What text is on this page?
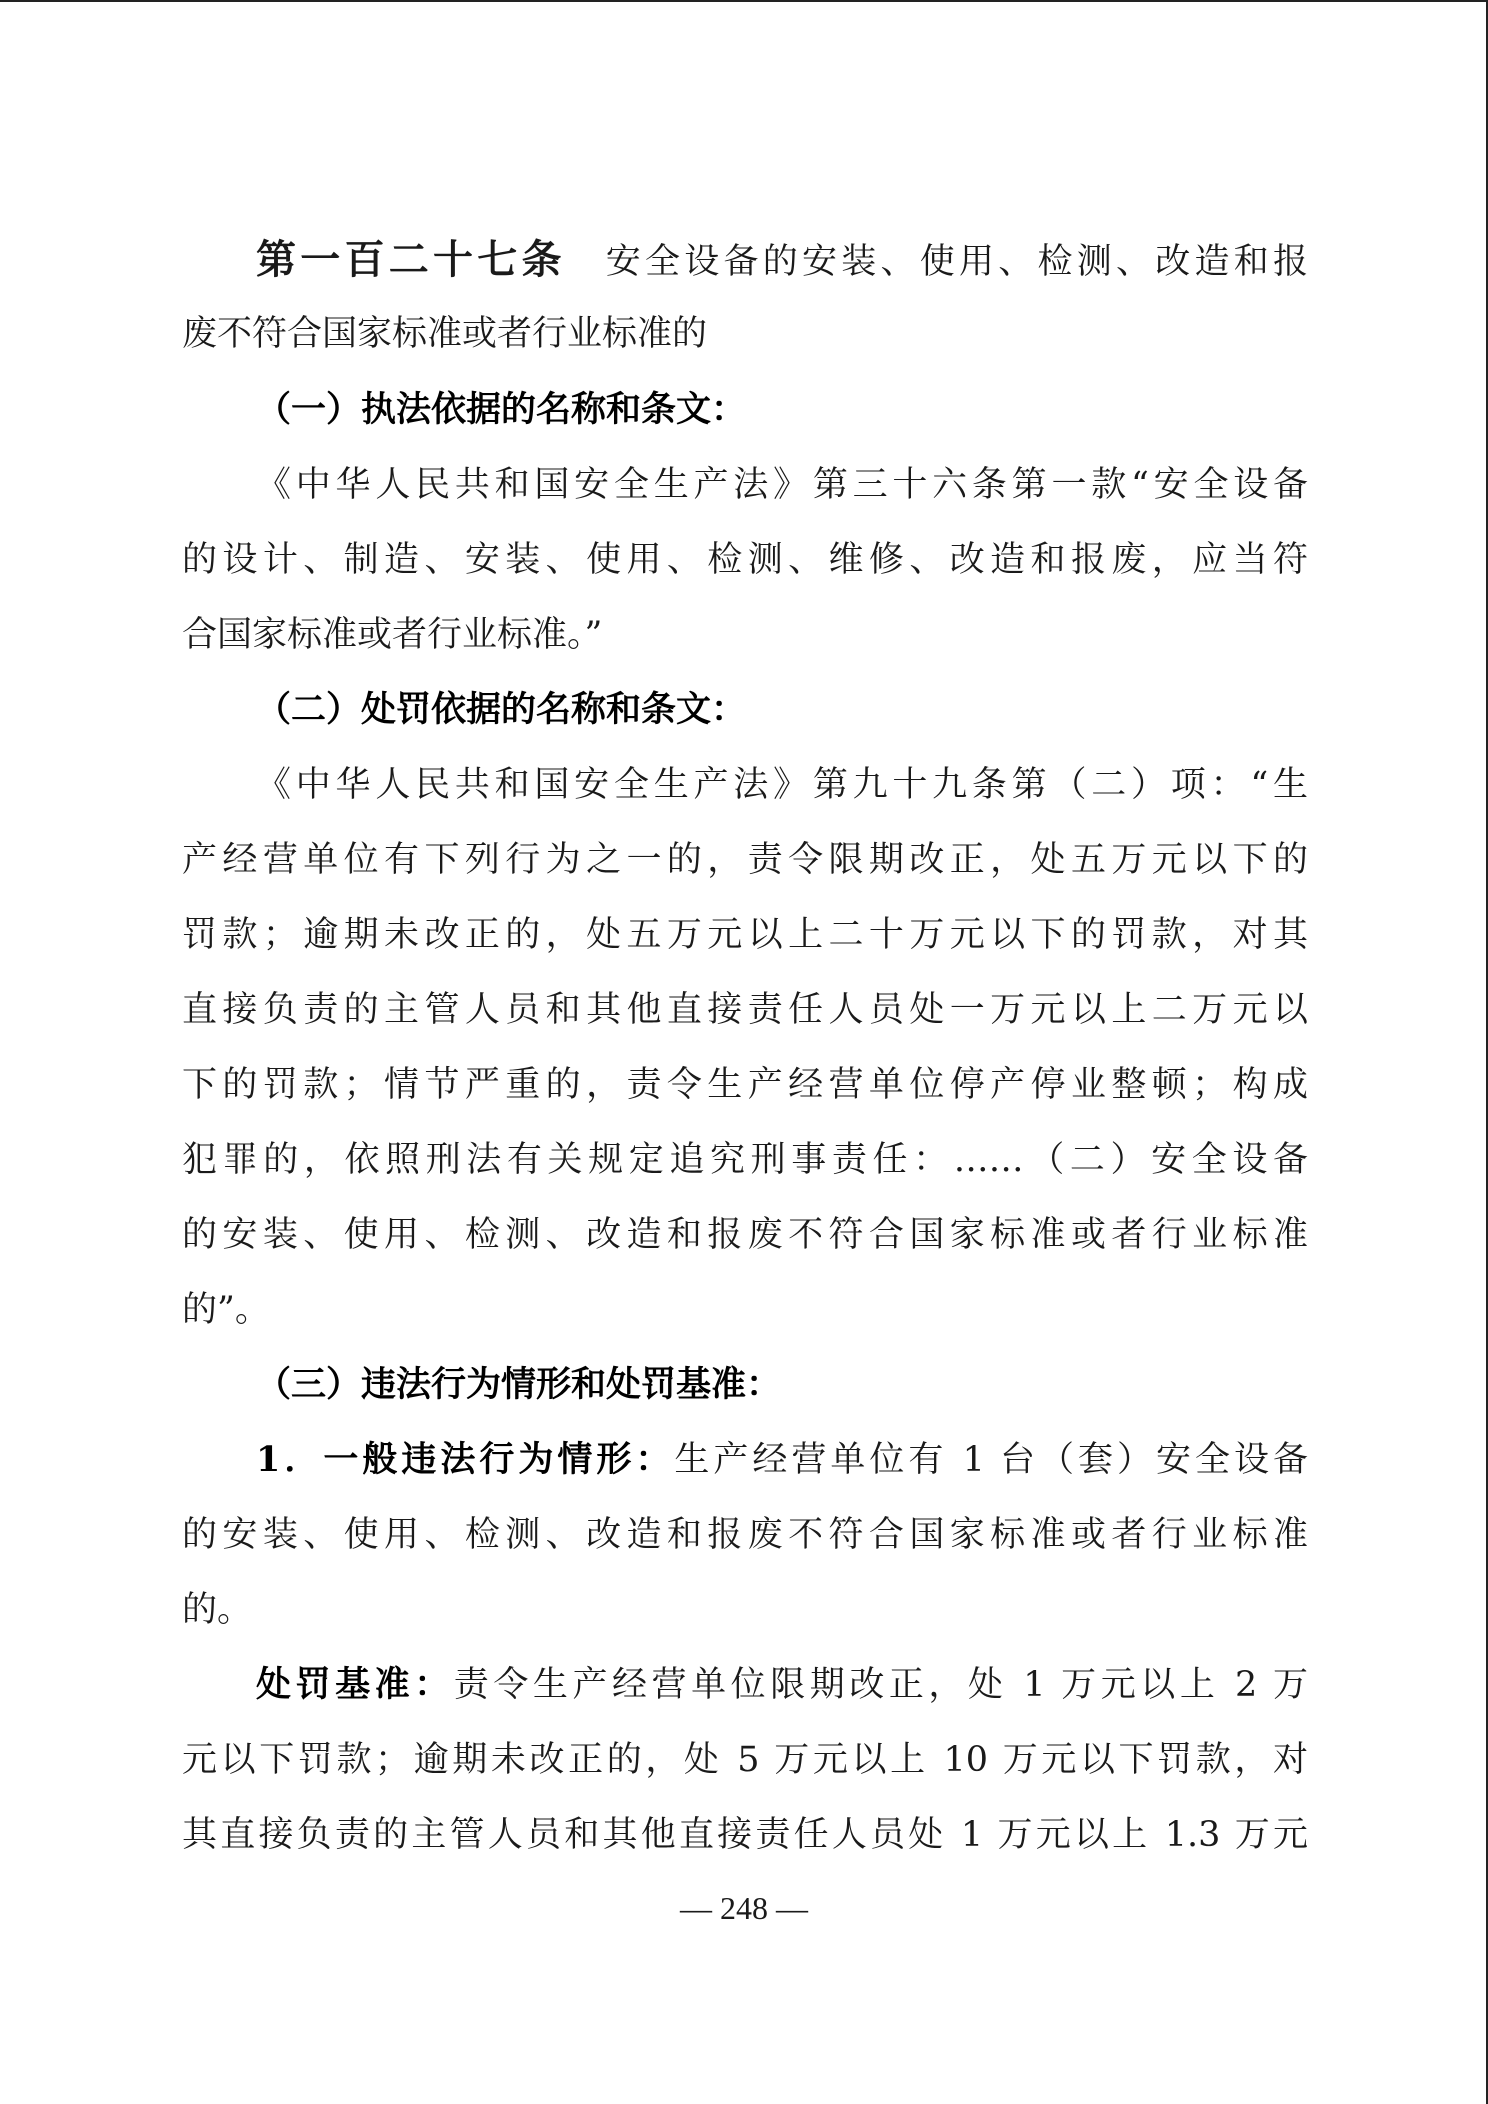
第一百二十七条 安全设备的安装、使用、检测、改造和报
废不符合国家标准或者行业标准的
（一）执法依据的名称和条文：
《中华人民共和国安全生产法》第三十六条第一款“安全设备
的设计、制造、安装、使用、检测、维修、改造和报废，应当符
合国家标准或者行业标准。”
（二）处罚依据的名称和条文：
《中华人民共和国安全生产法》第九十九条第（二）项：“生
产经营单位有下列行为之一的，责令限期改正，处五万元以下的
罚款；逾期未改正的，处五万元以上二十万元以下的罚款，对其
直接负责的主管人员和其他直接责任人员处一万元以上二万元以
下的罚款；情节严重的，责令生产经营单位停产停业整顿；构成
犯罪的，依照刑法有关规定追究刑事责任：……（二）安全设备
的安装、使用、检测、改造和报废不符合国家标准或者行业标准
的”。
（三）违法行为情形和处罚基准：
1．一般违法行为情形：生产经营单位有 1 台（套）安全设备
的安装、使用、检测、改造和报废不符合国家标准或者行业标准
的。
处罚基准：责令生产经营单位限期改正，处 1 万元以上 2 万
元以下罚款；逾期未改正的，处 5 万元以上 10 万元以下罚款，对
其直接负责的主管人员和其他直接责任人员处 1 万元以上 1.3 万元
— 248 —
